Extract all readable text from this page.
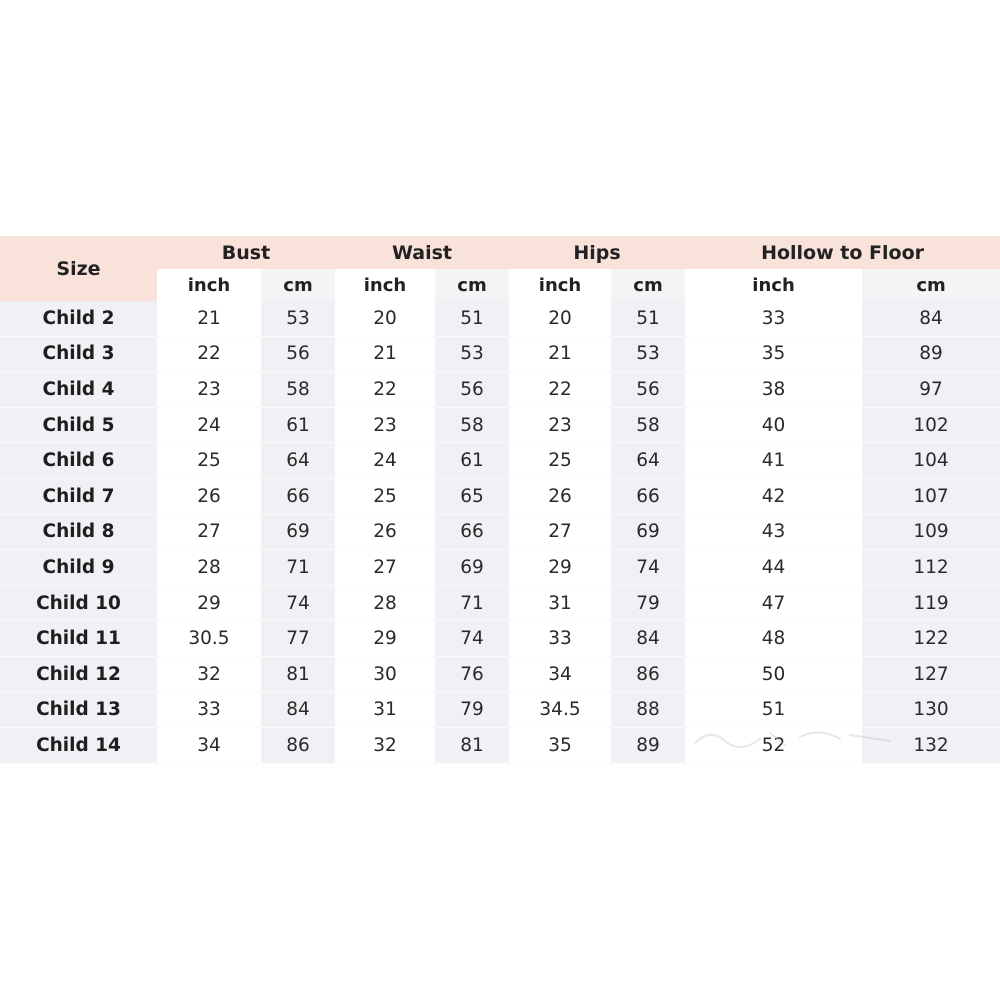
Size	Bust		Waist		Hips		Hollow to Floor	
	inch	cm	inch	cm	inch	cm	inch	cm
Child 2	21	53	20	51	20	51	33	84
Child 3	22	56	21	53	21	53	35	89
Child 4	23	58	22	56	22	56	38	97
Child 5	24	61	23	58	23	58	40	102
Child 6	25	64	24	61	25	64	41	104
Child 7	26	66	25	65	26	66	42	107
Child 8	27	69	26	66	27	69	43	109
Child 9	28	71	27	69	29	74	44	112
Child 10	29	74	28	71	31	79	47	119
Child 11	30.5	77	29	74	33	84	48	122
Child 12	32	81	30	76	34	86	50	127
Child 13	33	84	31	79	34.5	88	51	130
Child 14	34	86	32	81	35	89	52	132
